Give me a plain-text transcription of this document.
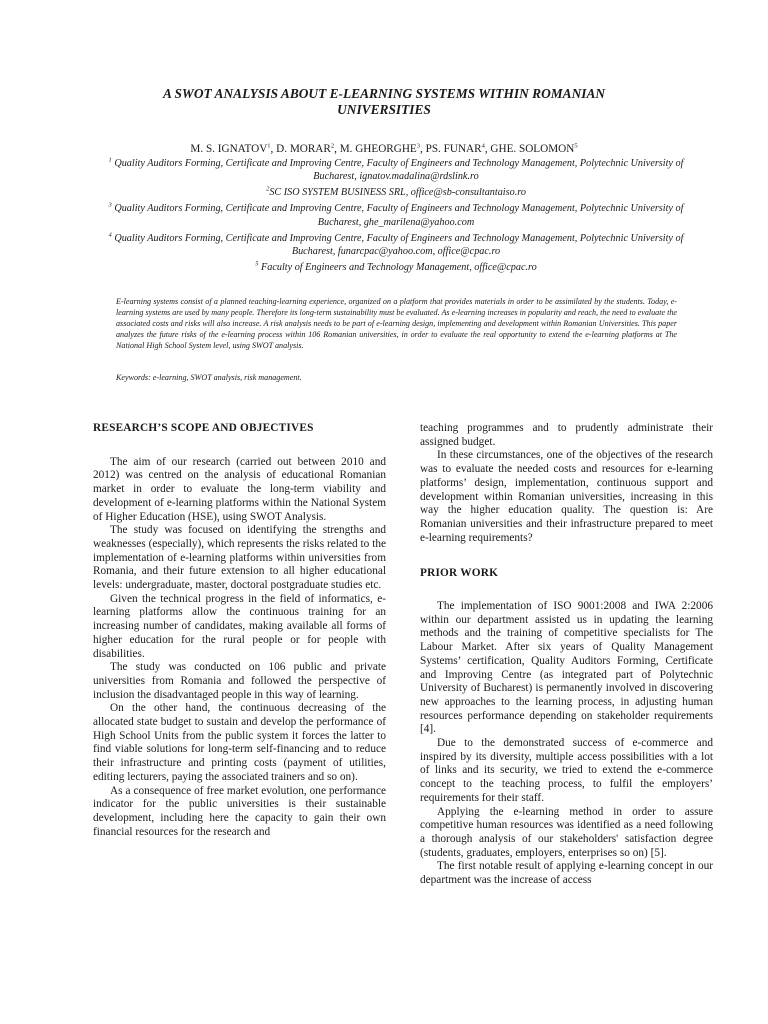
A SWOT ANALYSIS ABOUT E-LEARNING SYSTEMS WITHIN ROMANIAN UNIVERSITIES
M. S. IGNATOV$^1$, D. MORAR$^2$, M. GHEORGHE$^3$, PS. FUNAR$^4$, GHE. SOLOMON$^5$

$^1$ Quality Auditors Forming, Certificate and Improving Centre, Faculty of Engineers and Technology Management, Polytechnic University of Bucharest, ignatov.madalina@rdslink.ro

$^2$SC ISO SYSTEM BUSINESS SRL, office@sb-consultantaiso.ro

$^3$ Quality Auditors Forming, Certificate and Improving Centre, Faculty of Engineers and Technology Management, Polytechnic University of Bucharest, ghe_marilena@yahoo.com

$^4$ Quality Auditors Forming, Certificate and Improving Centre, Faculty of Engineers and Technology Management, Polytechnic University of Bucharest, funarcpac@yahoo.com, office@cpac.ro

$^5$ Faculty of Engineers and Technology Management, office@cpac.ro

E-learning systems consist of a planned teaching-learning experience, organized on a platform that provides materials in order to be assimilated by the students. Today, e-learning systems are used by many people. Therefore its long-term sustainability must be evaluated. As e-learning increases in popularity and reach, the need to evaluate the associated costs and risks will also increase. A risk analysis needs to be part of e-learning design, implementing and development within Romanian Universities. This paper analyzes the future risks of the e-learning process within 106 Romanian universities, in order to evaluate the real opportunity to extend the e-learning platforms at The National High School System level, using SWOT analysis.

Keywords: e-learning, SWOT analysis, risk management.

RESEARCH’S SCOPE AND OBJECTIVES

The aim of our research (carried out between 2010 and 2012) was centred on the analysis of educational Romanian market in order to evaluate the long-term viability and development of e-learning platforms within the National System of Higher Education (HSE), using SWOT Analysis.

The study was focused on identifying the strengths and weaknesses (especially), which represents the risks related to the implementation of e-learning platforms within universities from Romania, and their future extension to all higher educational levels: undergraduate, master, doctoral postgraduate studies etc.

Given the technical progress in the field of informatics, e-learning platforms allow the continuous training for an increasing number of candidates, making available all forms of higher education for the rural people or for people with disabilities.

The study was conducted on 106 public and private universities from Romania and followed the perspective of inclusion the disadvantaged people in this way of learning.

On the other hand, the continuous decreasing of the allocated state budget to sustain and develop the performance of High School Units from the public system it forces the latter to find viable solutions for long-term self-financing and to reduce their infrastructure and printing costs (payment of utilities, editing lecturers, paying the associated trainers and so on).

As a consequence of free market evolution, one performance indicator for the public universities is their sustainable development, including here the capacity to gain their own financial resources for the research and

teaching programmes and to prudently administrate their assigned budget.

In these circumstances, one of the objectives of the research was to evaluate the needed costs and resources for e-learning platforms’ design, implementation, continuous support and development within Romanian universities, increasing in this way the higher education quality. The question is: Are Romanian universities and their infrastructure prepared to meet e-learning requirements?

PRIOR WORK

The implementation of ISO 9001:2008 and IWA 2:2006 within our department assisted us in updating the learning methods and the training of competitive specialists for The Labour Market. After six years of Quality Management Systems’ certification, Quality Auditors Forming, Certificate and Improving Centre (as integrated part of Polytechnic University of Bucharest) is permanently involved in discovering new approaches to the learning process, in adjusting human resources performance depending on stakeholder requirements [4].

Due to the demonstrated success of e-commerce and inspired by its diversity, multiple access possibilities with a lot of links and its security, we tried to extend the e-commerce concept to the teaching process, to fulfil the employers’ requirements for their staff.

Applying the e-learning method in order to assure competitive human resources was identified as a need following a thorough analysis of our stakeholders' satisfaction degree (students, graduates, employers, enterprises so on) [5].

The first notable result of applying e-learning concept in our department was the increase of access
